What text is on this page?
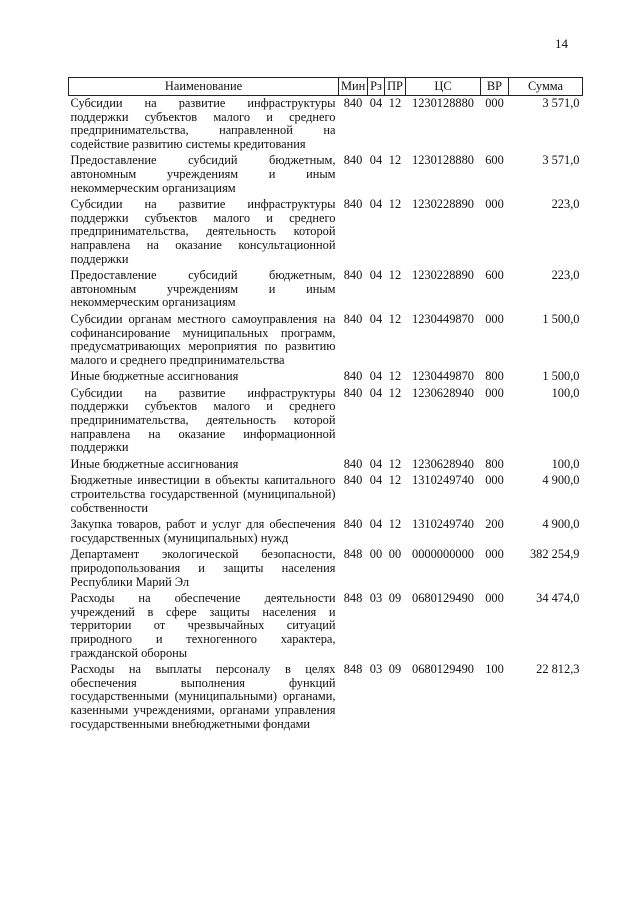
14
Наименование	Мин	Рз	ПР	ЦС	ВР	Сумма
Субсидии на развитие инфраструктуры поддержки субъектов малого и среднего предпринимательства, направленной на содействие развитию системы кредитования	840	04	12	1230128880	000	3 571,0
Предоставление субсидий бюджетным, автономным учреждениям и иным некоммерческим организациям	840	04	12	1230128880	600	3 571,0
Субсидии на развитие инфраструктуры поддержки субъектов малого и среднего предпринимательства, деятельность которой направлена на оказание консультационной поддержки	840	04	12	1230228890	000	223,0
Предоставление субсидий бюджетным, автономным учреждениям и иным некоммерческим организациям	840	04	12	1230228890	600	223,0
Субсидии органам местного самоуправления на софинансирование муниципальных программ, предусматривающих мероприятия по развитию малого и среднего предпринимательства	840	04	12	1230449870	000	1 500,0
Иные бюджетные ассигнования	840	04	12	1230449870	800	1 500,0
Субсидии на развитие инфраструктуры поддержки субъектов малого и среднего предпринимательства, деятельность которой направлена на оказание информационной поддержки	840	04	12	1230628940	000	100,0
Иные бюджетные ассигнования	840	04	12	1230628940	800	100,0
Бюджетные инвестиции в объекты капитального строительства государственной (муниципальной) собственности	840	04	12	1310249740	000	4 900,0
Закупка товаров, работ и услуг для обеспечения государственных (муниципальных) нужд	840	04	12	1310249740	200	4 900,0
Департамент экологической безопасности, природопользования и защиты населения Республики Марий Эл	848	00	00	0000000000	000	382 254,9
Расходы на обеспечение деятельности учреждений в сфере защиты населения и территории от чрезвычайных ситуаций природного и техногенного характера, гражданской обороны	848	03	09	0680129490	000	34 474,0
Расходы на выплаты персоналу в целях обеспечения выполнения функций государственными (муниципальными) органами, казенными учреждениями, органами управления государственными внебюджетными фондами	848	03	09	0680129490	100	22 812,3
